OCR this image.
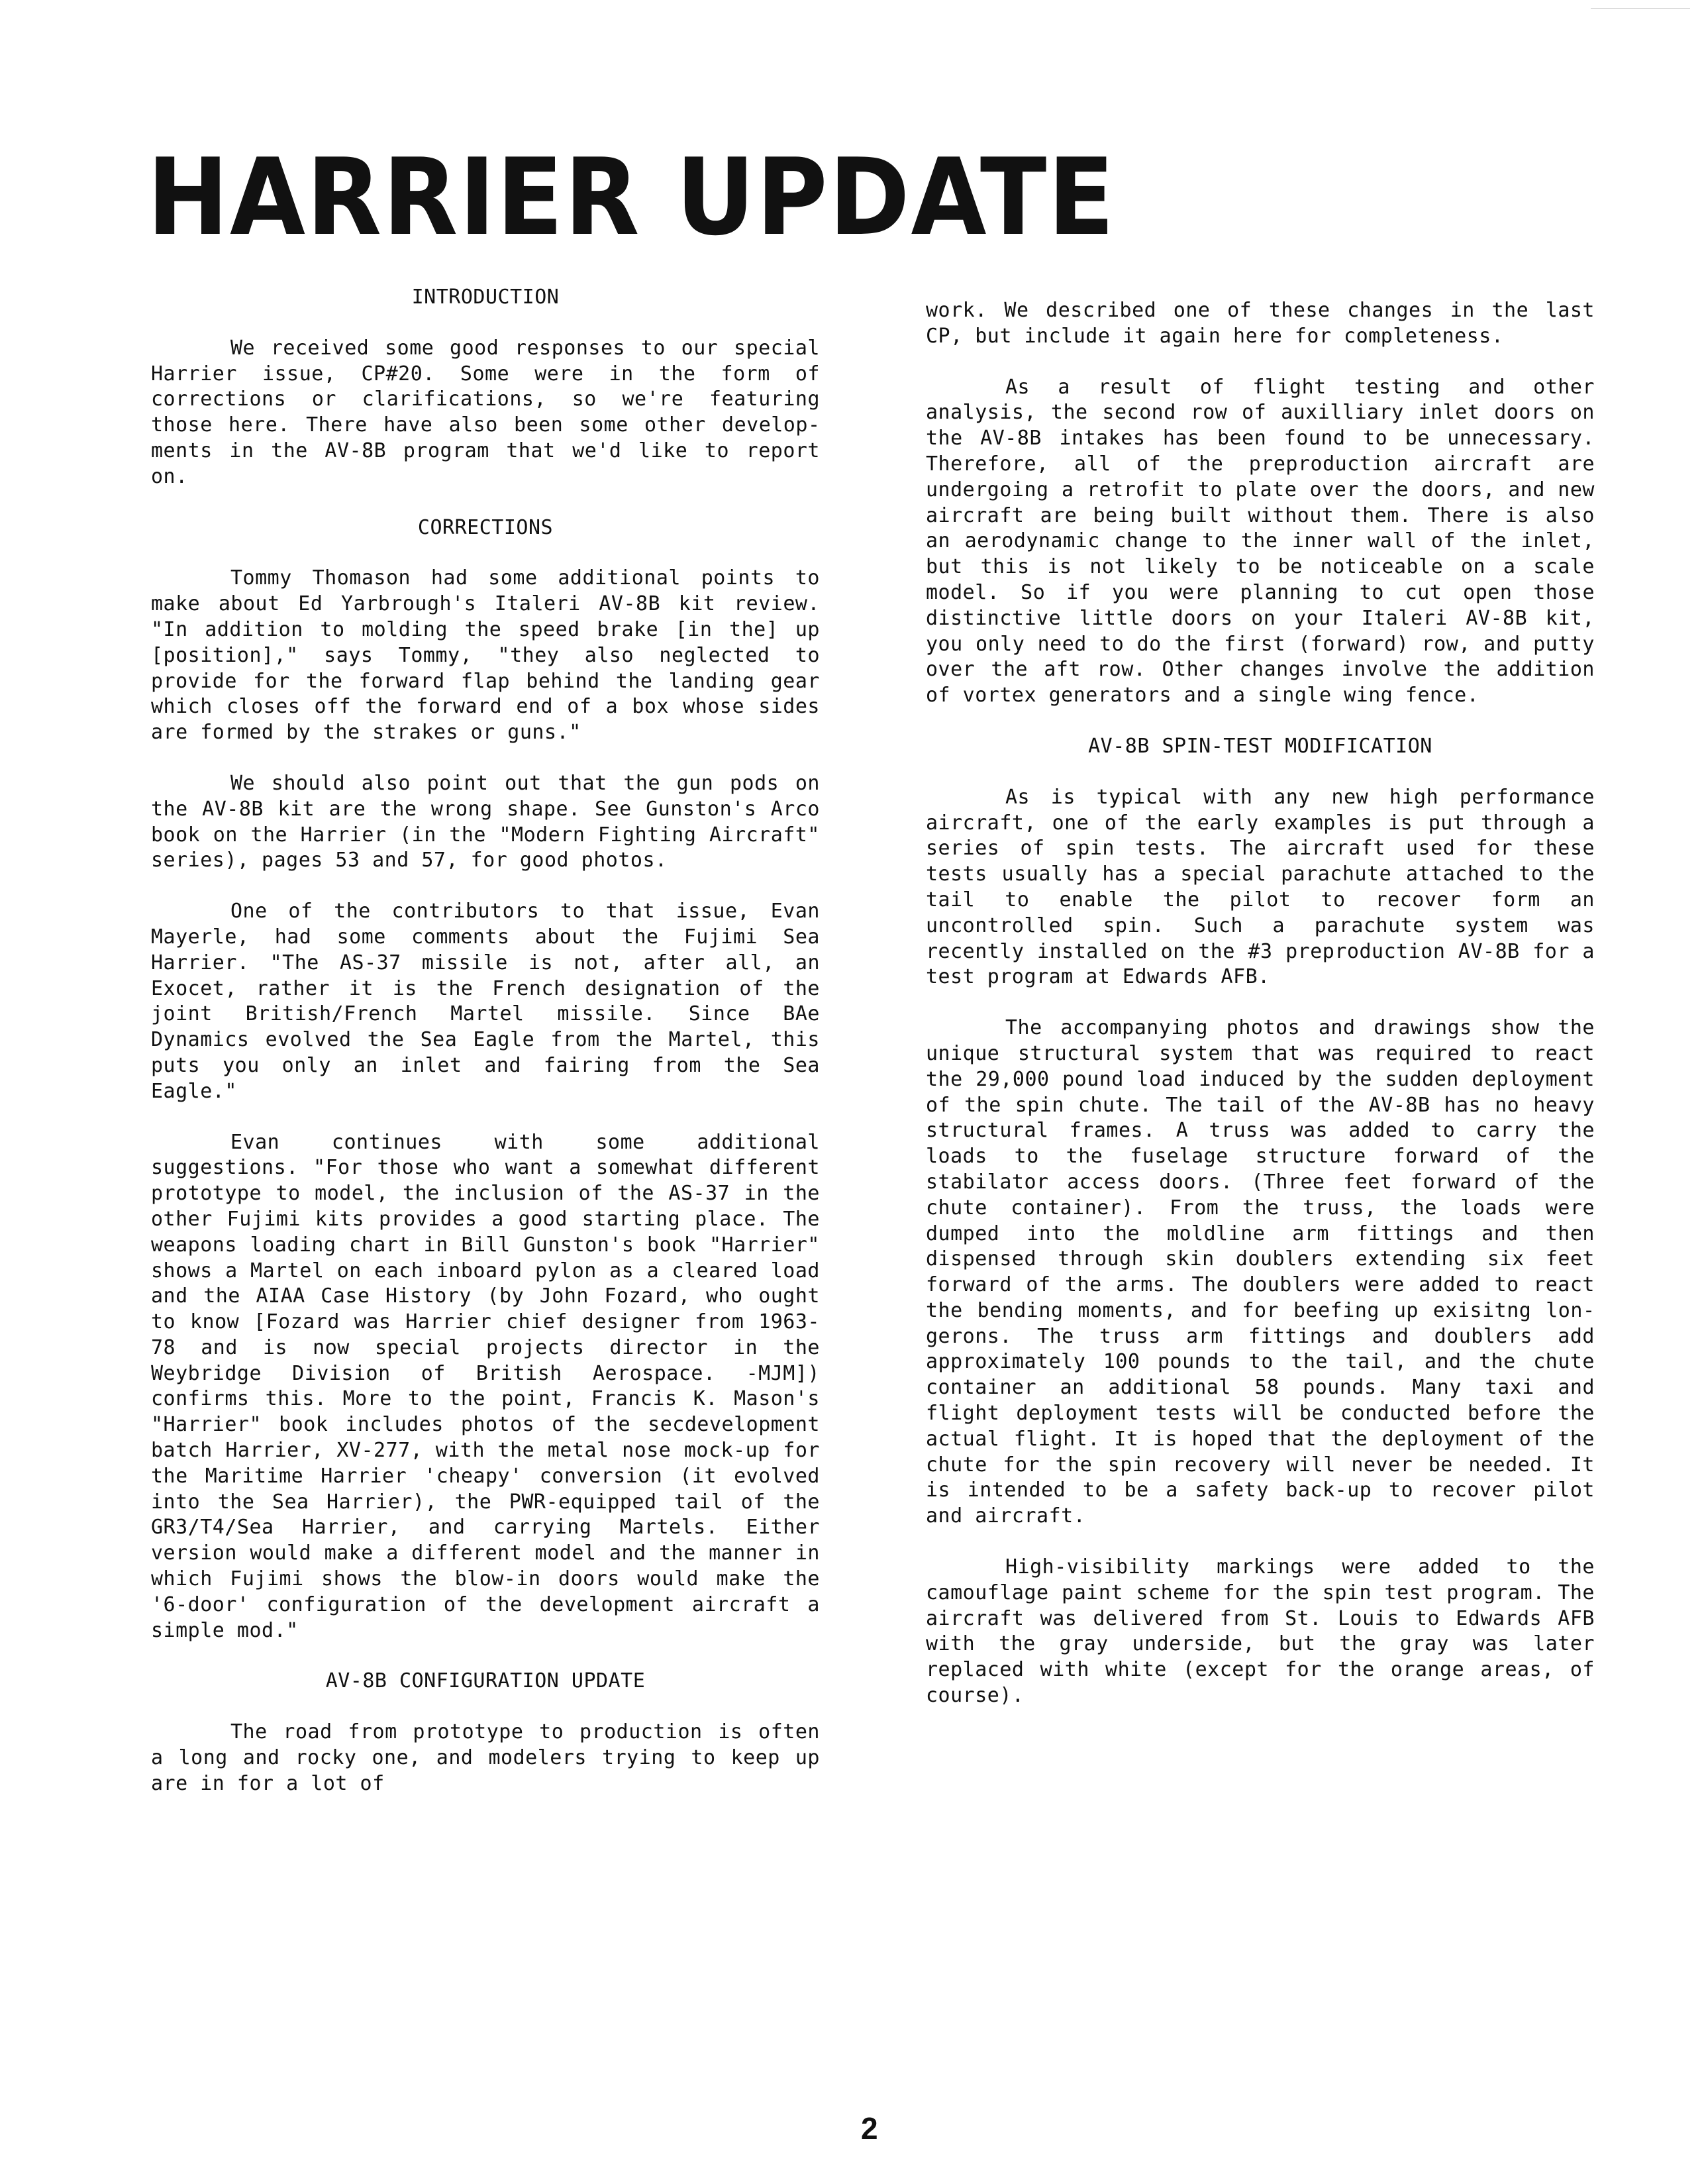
HARRIER UPDATE
INTRODUCTION

We received some good responses to our special Harrier issue, CP#20. Some were in the form of corrections or clarifications, so we're featuring those here. There have also been some other developments in the AV-8B program that we'd like to report on.

CORRECTIONS

Tommy Thomason had some additional points to make about Ed Yarbrough's Italeri AV-8B kit review. "In addition to molding the speed brake [in the] up [position]," says Tommy, "they also neglected to provide for the forward flap behind the landing gear which closes off the forward end of a box whose sides are formed by the strakes or guns."

We should also point out that the gun pods on the AV-8B kit are the wrong shape. See Gunston's Arco book on the Harrier (in the "Modern Fighting Aircraft" series), pages 53 and 57, for good photos.

One of the contributors to that issue, Evan Mayerle, had some comments about the Fujimi Sea Harrier. "The AS-37 missile is not, after all, an Exocet, rather it is the French designation of the joint British/French Martel missile. Since BAe Dynamics evolved the Sea Eagle from the Martel, this puts you only an inlet and fairing from the Sea Eagle."

Evan continues with some additional suggestions. "For those who want a somewhat different prototype to model, the inclusion of the AS-37 in the other Fujimi kits provides a good starting place. The weapons loading chart in Bill Gunston's book "Harrier" shows a Martel on each inboard pylon as a cleared load and the AIAA Case History (by John Fozard, who ought to know [Fozard was Harrier chief designer from 1963-78 and is now special projects director in the Weybridge Division of British Aerospace. -MJM]) confirms this. More to the point, Francis K. Mason's "Harrier" book includes photos of the secdevelopment batch Harrier, XV-277, with the metal nose mock-up for the Maritime Harrier 'cheapy' conversion (it evolved into the Sea Harrier), the PWR-equipped tail of the GR3/T4/Sea Harrier, and carrying Martels. Either version would make a different model and the manner in which Fujimi shows the blow-in doors would make the '6-door' configuration of the development aircraft a simple mod."

AV-8B CONFIGURATION UPDATE

The road from prototype to production is often a long and rocky one, and modelers trying to keep up are in for a lot of

work. We described one of these changes in the last CP, but include it again here for completeness.

As a result of flight testing and other analysis, the second row of auxilliary inlet doors on the AV-8B intakes has been found to be unnecessary. Therefore, all of the preproduction aircraft are undergoing a retrofit to plate over the doors, and new aircraft are being built without them. There is also an aerodynamic change to the inner wall of the inlet, but this is not likely to be noticeable on a scale model. So if you were planning to cut open those distinctive little doors on your Italeri AV-8B kit, you only need to do the first (forward) row, and putty over the aft row. Other changes involve the addition of vortex generators and a single wing fence.

AV-8B SPIN-TEST MODIFICATION

As is typical with any new high performance aircraft, one of the early examples is put through a series of spin tests. The aircraft used for these tests usually has a special parachute attached to the tail to enable the pilot to recover form an uncontrolled spin. Such a parachute system was recently installed on the #3 preproduction AV-8B for a test program at Edwards AFB.

The accompanying photos and drawings show the unique structural system that was required to react the 29,000 pound load induced by the sudden deployment of the spin chute. The tail of the AV-8B has no heavy structural frames. A truss was added to carry the loads to the fuselage structure forward of the stabilator access doors. (Three feet forward of the chute container). From the truss, the loads were dumped into the moldline arm fittings and then dispensed through skin doublers extending six feet forward of the arms. The doublers were added to react the bending moments, and for beefing up exisitng longerons. The truss arm fittings and doublers add approximately 100 pounds to the tail, and the chute container an additional 58 pounds. Many taxi and flight deployment tests will be conducted before the actual flight. It is hoped that the deployment of the chute for the spin recovery will never be needed. It is intended to be a safety back-up to recover pilot and aircraft.

High-visibility markings were added to the camouflage paint scheme for the spin test program. The aircraft was delivered from St. Louis to Edwards AFB with the gray underside, but the gray was later replaced with white (except for the orange areas, of course).

2
